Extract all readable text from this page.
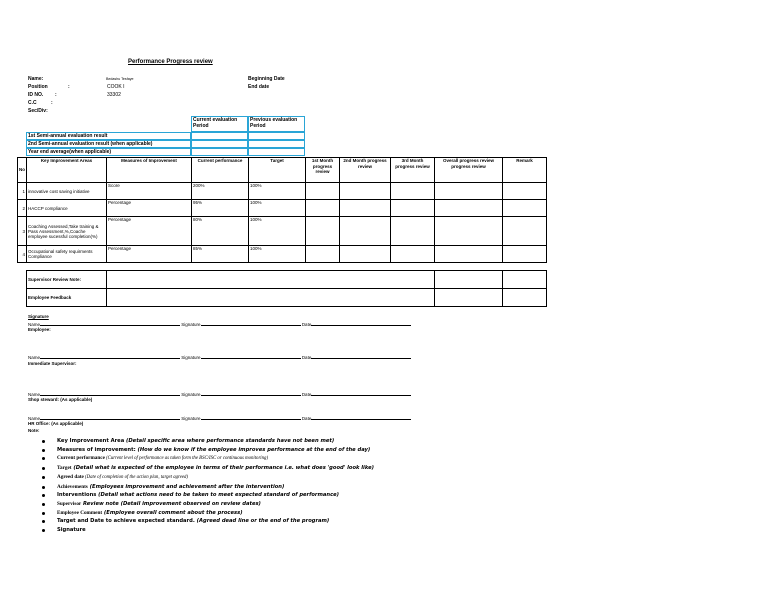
Performance Progress review
Name:	Bedashu Tesfaye
Position	:	COOK I
ID NO. :	33302
C.C	:
Sec/Div:
Beginning Date
End date
Current evaluation Period
Previous evaluation Period
1st Semi-annual evaluation result
2nd Semi-annual evaluation result (when applicable)
Year end average(when applicable)
No	Key Improvement Areas	Measures of Improvement	Current performance	Target	1st Month progress review	2nd Month progress review	3rd Month progress review	Overall progress review progress review	Remark
1	innovative cost saving initiative	Score	200%	100%					
2	HACCP compliance	Percentage	95%	100%					
3	Coaching Assessed,Take training & Pass Assessment,%,Coache employee sucessful completion(%)	Percentage	80%	100%					
4	Occupational safety requirments Compliance	Percentage	85%	100%					
Supervisor Review Note:			
Employee Feedback			
Signature
Name	Signature	Date
Employee:
Name	Signature	Date
Immediate Supervisor:
Name	Signature	Date
Shop steward: (As applicable)
Name	Signature	Date
HR Office: (As applicable)
Note:
Key Improvement Area (Detail specific area where performance standards have not been met)
Measures of improvement: (How do we know if the employee improves performance at the end of the day)
Current performance (Current level of performance as taken form the BSC/ISC or continuous monitoring)
Target (Detail what is expected of the employee in terms of their performance i.e. what does 'good' look like)
Agreed date (Date of completion of the action plan, target agreed)
Achievements (Employees improvement and achievement after the intervention)
Interventions (Detail what actions need to be taken to meet expected standard of performance)
Supervisor Review note (Detail improvement observed on review dates)
Employee Comment (Employee overall comment about the process)
Target and Date to achieve expected standard. (Agreed dead line or the end of the program)
Signature
